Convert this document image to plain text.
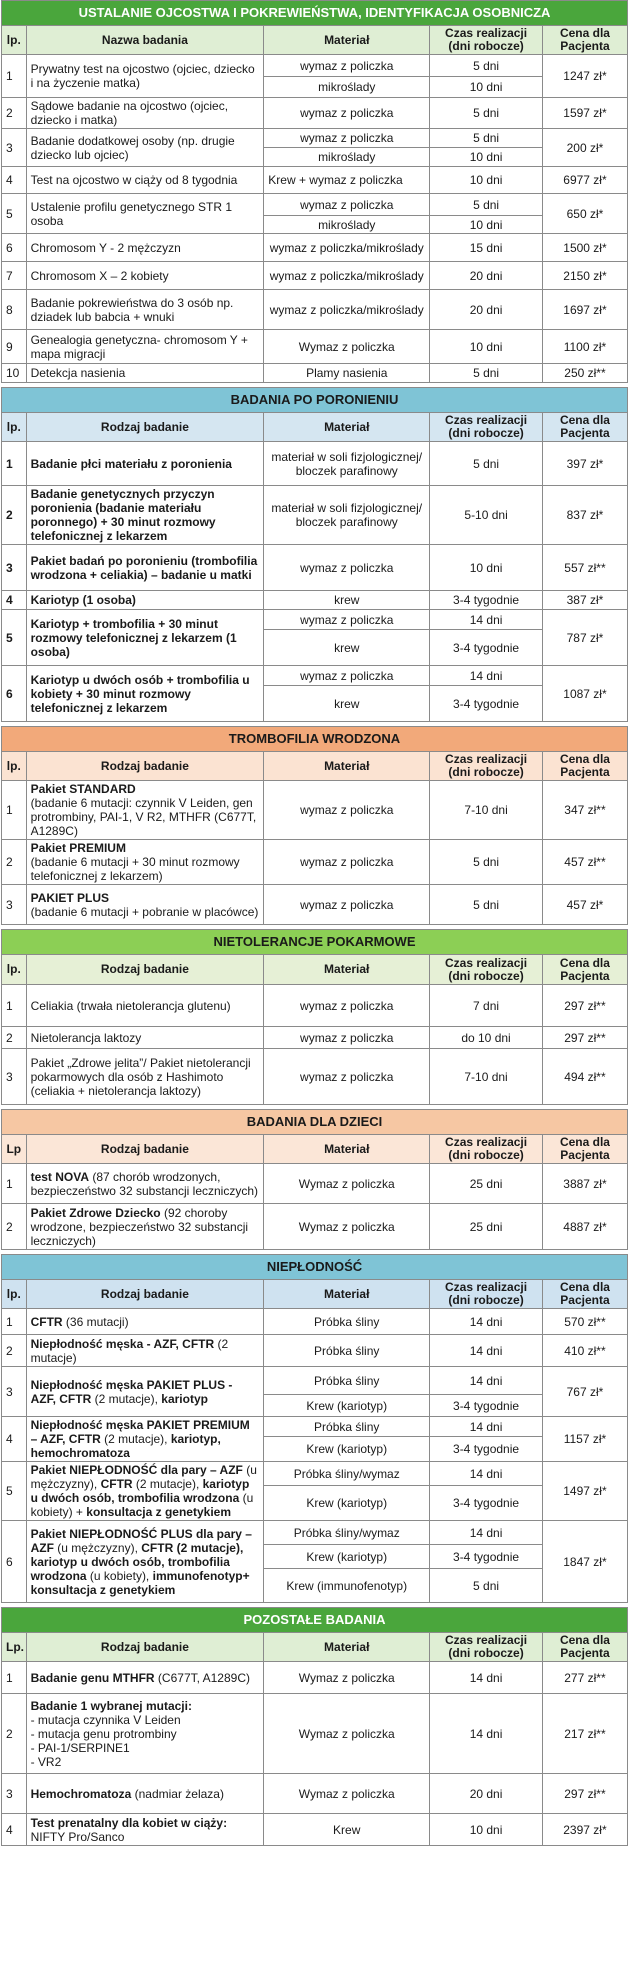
USTALANIE OJCOSTWA I POKREWIEŃSTWA, IDENTYFIKACJA OSOBNICZA				
lp.	Nazwa badania	Materiał	Czas realizacji
(dni robocze)	Cena dla
Pacjenta
1	Prywatny test na ojcostwo (ojciec, dziecko i na życzenie matka)	wymaz z policzka	5 dni	1247 zł*
		mikroślady	10 dni	
2	Sądowe badanie na ojcostwo (ojciec, dziecko i matka)	wymaz z policzka	5 dni	1597 zł*
3	Badanie dodatkowej osoby (np. drugie dziecko lub ojciec)	wymaz z policzka	5 dni	200 zł*
		mikroślady	10 dni	
4	Test na ojcostwo w ciąży od 8 tygodnia	Krew + wymaz z policzka	10 dni	6977 zł*
5	Ustalenie profilu genetycznego STR 1 osoba	wymaz z policzka	5 dni	650 zł*
		mikroślady	10 dni	
6	Chromosom Y - 2 mężczyzn	wymaz z policzka/mikroślady	15 dni	1500 zł*
7	Chromosom X – 2 kobiety	wymaz z policzka/mikroślady	20 dni	2150 zł*
8	Badanie pokrewieństwa do 3 osób np. dziadek lub babcia + wnuki	wymaz z policzka/mikroślady	20 dni	1697 zł*
9	Genealogia genetyczna- chromosom Y + mapa migracji	Wymaz z policzka	10 dni	1100 zł*
10	Detekcja nasienia	Plamy nasienia	5 dni	250 zł**
BADANIA PO PORONIENIU				
lp.	Rodzaj badanie	Materiał	Czas realizacji
(dni robocze)	Cena dla
Pacjenta
1	Badanie płci materiału z poronienia	materiał w soli fizjologicznej/ bloczek parafinowy	5 dni	397 zł*
2	Badanie genetycznych przyczyn poronienia (badanie materiału poronnego) + 30 minut rozmowy telefonicznej z lekarzem	materiał w soli fizjologicznej/ bloczek parafinowy	5-10 dni	837 zł*
3	Pakiet badań po poronieniu (trombofilia wrodzona + celiakia) – badanie u matki	wymaz z policzka	10 dni	557 zł**
4	Kariotyp (1 osoba)	krew	3-4 tygodnie	387 zł*
5	Kariotyp + trombofilia + 30 minut rozmowy telefonicznej z lekarzem (1 osoba)	wymaz z policzka	14 dni	787 zł*
		krew	3-4 tygodnie	
6	Kariotyp u dwóch osób + trombofilia u kobiety + 30 minut rozmowy telefonicznej z lekarzem	wymaz z policzka	14 dni	1087 zł*
		krew	3-4 tygodnie	
TROMBOFILIA WRODZONA				
lp.	Rodzaj badanie	Materiał	Czas realizacji
(dni robocze)	Cena dla
Pacjenta
1	Pakiet STANDARD
(badanie 6 mutacji: czynnik V Leiden, gen protrombiny, PAI-1, V R2, MTHFR (C677T, A1289C)	wymaz z policzka	7-10 dni	347 zł**
2	Pakiet PREMIUM
(badanie 6 mutacji + 30 minut rozmowy telefonicznej z lekarzem)	wymaz z policzka	5 dni	457 zł**
3	PAKIET PLUS
(badanie 6 mutacji + pobranie w placówce)	wymaz z policzka	5 dni	457 zł*
NIETOLERANCJE POKARMOWE				
lp.	Rodzaj badanie	Materiał	Czas realizacji
(dni robocze)	Cena dla
Pacjenta
1	Celiakia (trwała nietolerancja glutenu)	wymaz z policzka	7 dni	297 zł**
2	Nietolerancja laktozy	wymaz z policzka	do 10 dni	297 zł**
3	Pakiet „Zdrowe jelita”/ Pakiet nietolerancji pokarmowych dla osób z Hashimoto
(celiakia + nietolerancja laktozy)	wymaz z policzka	7-10 dni	494 zł**
BADANIA DLA DZIECI				
Lp	Rodzaj badanie	Materiał	Czas realizacji
(dni robocze)	Cena dla
Pacjenta
1	test NOVA (87 chorób wrodzonych, bezpieczeństwo 32 substancji leczniczych)	Wymaz z policzka	25 dni	3887 zł*
2	Pakiet Zdrowe Dziecko (92 choroby wrodzone, bezpieczeństwo 32 substancji leczniczych)	Wymaz z policzka	25 dni	4887 zł*
NIEPŁODNOŚĆ				
lp.	Rodzaj badanie	Materiał	Czas realizacji
(dni robocze)	Cena dla
Pacjenta
1	CFTR (36 mutacji)	Próbka śliny	14 dni	570 zł**
2	Niepłodność męska - AZF, CFTR (2 mutacje)	Próbka śliny	14 dni	410 zł**
3	Niepłodność męska PAKIET PLUS - AZF, CFTR (2 mutacje), kariotyp	Próbka śliny	14 dni	767 zł*
		Krew (kariotyp)	3-4 tygodnie	
4	Niepłodność męska PAKIET PREMIUM – AZF, CFTR (2 mutacje), kariotyp, hemochromatoza	Próbka śliny	14 dni	1157 zł*
		Krew (kariotyp)	3-4 tygodnie	
5	Pakiet NIEPŁODNOŚĆ dla pary – AZF (u mężczyzny), CFTR (2 mutacje), kariotyp u dwóch osób, trombofilia wrodzona (u kobiety) + konsultacja z genetykiem	Próbka śliny/wymaz	14 dni	1497 zł*
		Krew (kariotyp)	3-4 tygodnie	
6	Pakiet NIEPŁODNOŚĆ PLUS dla pary – AZF (u mężczyzny), CFTR (2 mutacje), kariotyp u dwóch osób, trombofilia wrodzona (u kobiety), immunofenotyp+ konsultacja z genetykiem	Próbka śliny/wymaz	14 dni	1847 zł*
		Krew (kariotyp)	3-4 tygodnie	
		Krew (immunofenotyp)	5 dni	
POZOSTAŁE BADANIA				
Lp.	Rodzaj badanie	Materiał	Czas realizacji
(dni robocze)	Cena dla
Pacjenta
1	Badanie genu MTHFR (C677T, A1289C)	Wymaz z policzka	14 dni	277 zł**
2	Badanie 1 wybranej mutacji:
- mutacja czynnika V Leiden
- mutacja genu protrombiny
- PAI-1/SERPINE1
- VR2	Wymaz z policzka	14 dni	217 zł**
3	Hemochromatoza (nadmiar żelaza)	Wymaz z policzka	20 dni	297 zł**
4	Test prenatalny dla kobiet w ciąży:
NIFTY Pro/Sanco	Krew	10 dni	2397 zł*
